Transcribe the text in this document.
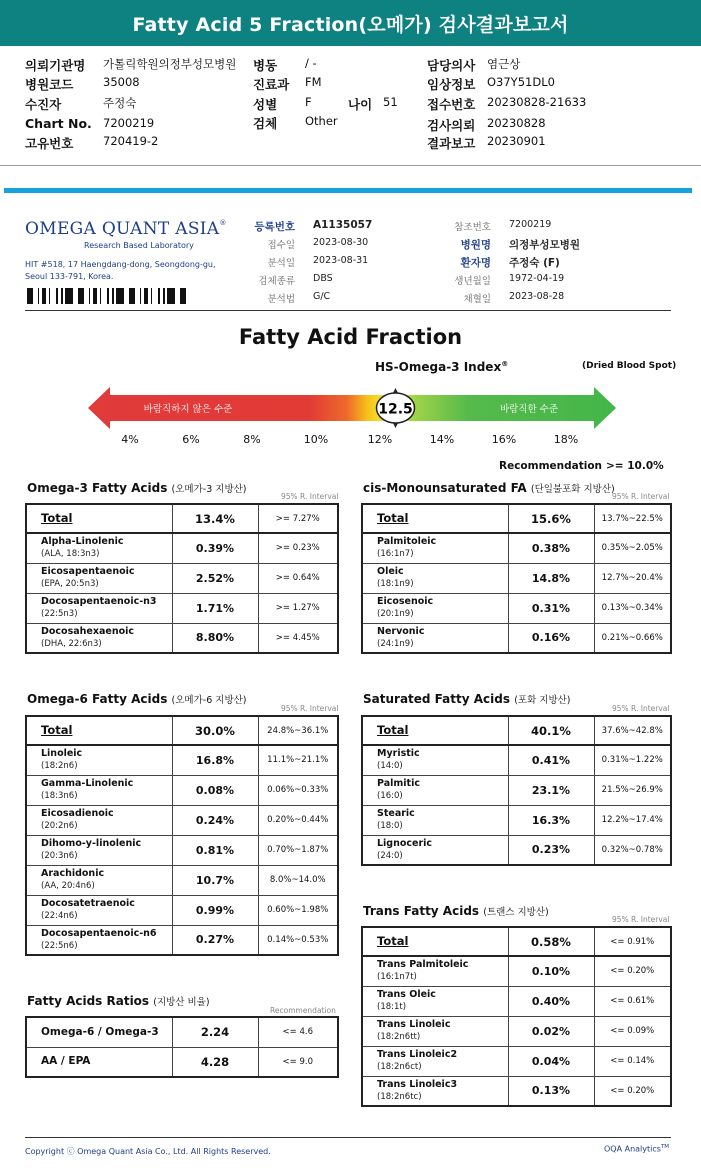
Fatty Acid 5 Fraction(오메가) 검사결과보고서
의뢰기관명 가톨릭학원의정부성모병원 병동 / -	담당의사 염근상
병원코드	35008	진료과 FM	임상정보 O37Y51DL0
수진자	주정숙	성별 F	나이 51 접수번호 20230828-21633
Chart No. 7200219	검체 Other	검사의뢰 20230828
고유번호	720419-2	결과보고 20230901
OMEGA QUANT ASIA®
Research Based Laboratory
HIT #518, 17 Haengdang-dong, Seongdong-gu,
Seoul 133-791, Korea.
등록번호 A1135057
접수일 2023-08-30
분석일 2023-08-31
검체종류 DBS
분석법 G/C
참조번호 7200219
병원명 의정부성모병원
환자명 주정숙 (F)
생년월일 1972-04-19
채혈일 2023-08-28
Fatty Acid Fraction
HS-Omega-3 Index®	(Dried Blood Spot)
바람직하지 않은 수준	바람직한 수준
12.5
4%	6%	8%	10%	12%	14%	16%	18%
Recommendation >= 10.0%
Omega-3 Fatty Acids (오메가-3 지방산)
95% R. Interval
Total	13.4%	>= 7.27%

Alpha-Linolenic
(ALA, 18:3n3)	0.39%	>= 0.23%

Eicosapentaenoic
(EPA, 20:5n3)	2.52%	>= 0.64%

Docosapentaenoic-n3
(22:5n3)	1.71%	>= 1.27%

Docosahexaenoic
(DHA, 22:6n3)	8.80%	>= 4.45%
cis-Monounsaturated FA (단일불포화 지방산)
95% R. Interval
Total	15.6%	13.7%~22.5%

Palmitoleic
(16:1n7)	0.38%	0.35%~2.05%

Oleic
(18:1n9)	14.8%	12.7%~20.4%

Eicosenoic
(20:1n9)	0.31%	0.13%~0.34%

Nervonic
(24:1n9)	0.16%	0.21%~0.66%
Omega-6 Fatty Acids (오메가-6 지방산)
95% R. Interval
Total	30.0%	24.8%~36.1%

Linoleic
(18:2n6)	16.8%	11.1%~21.1%

Gamma-Linolenic
(18:3n6)	0.08%	0.06%~0.33%

Eicosadienoic
(20:2n6)	0.24%	0.20%~0.44%

Dihomo-y-linolenic
(20:3n6)	0.81%	0.70%~1.87%

Arachidonic
(AA, 20:4n6)	10.7%	8.0%~14.0%

Docosatetraenoic
(22:4n6)	0.99%	0.60%~1.98%

Docosapentaenoic-n6
(22:5n6)	0.27%	0.14%~0.53%
Saturated Fatty Acids (포화 지방산)
95% R. Interval
Total	40.1%	37.6%~42.8%

Myristic
(14:0)	0.41%	0.31%~1.22%

Palmitic
(16:0)	23.1%	21.5%~26.9%

Stearic
(18:0)	16.3%	12.2%~17.4%

Lignoceric
(24:0)	0.23%	0.32%~0.78%
Trans Fatty Acids (트랜스 지방산)
95% R. Interval
Total	0.58%	<= 0.91%

Trans Palmitoleic
(16:1n7t)	0.10%	<= 0.20%

Trans Oleic
(18:1t)	0.40%	<= 0.61%

Trans Linoleic
(18:2n6tt)	0.02%	<= 0.09%

Trans Linoleic2
(18:2n6ct)	0.04%	<= 0.14%

Trans Linoleic3
(18:2n6tc)	0.13%	<= 0.20%
Fatty Acids Ratios (지방산 비율)
Recommendation
Omega-6 / Omega-3	2.24	<= 4.6
AA / EPA	4.28	<= 9.0
Copyright ⓒ Omega Quant Asia Co., Ltd. All Rights Reserved.	OQA Analytics™
